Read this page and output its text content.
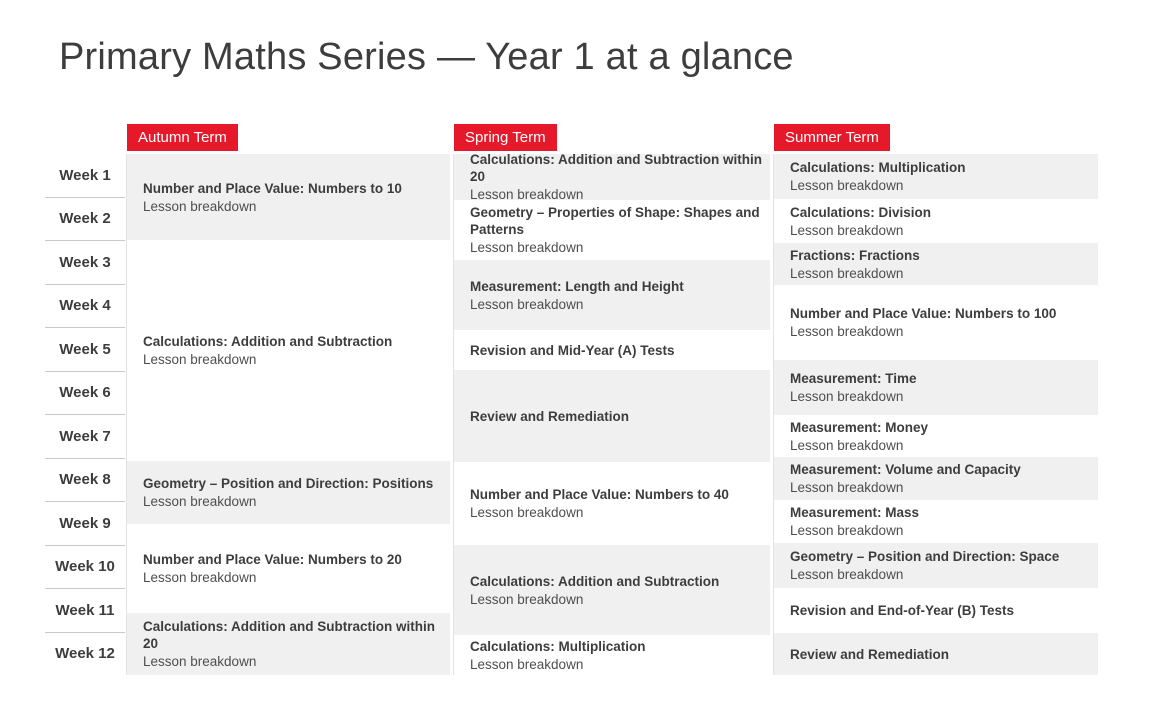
Primary Maths Series — Year 1 at a glance
Week 1
Week 2
Week 3
Week 4
Week 5
Week 6
Week 7
Week 8
Week 9
Week 10
Week 11
Week 12
Autumn Term
Number and Place Value: Numbers to 10
Lesson breakdown
Calculations: Addition and Subtraction
Lesson breakdown
Geometry – Position and Direction: Positions
Lesson breakdown
Number and Place Value: Numbers to 20
Lesson breakdown
Calculations: Addition and Subtraction within 20
Lesson breakdown
Spring Term
Calculations: Addition and Subtraction within 20
Lesson breakdown
Geometry – Properties of Shape: Shapes and Patterns
Lesson breakdown
Measurement: Length and Height
Lesson breakdown
Revision and Mid-Year (A) Tests
Review and Remediation
Number and Place Value: Numbers to 40
Lesson breakdown
Calculations: Addition and Subtraction
Lesson breakdown
Calculations: Multiplication
Lesson breakdown
Summer Term
Calculations: Multiplication
Lesson breakdown
Calculations: Division
Lesson breakdown
Fractions: Fractions
Lesson breakdown
Number and Place Value: Numbers to 100
Lesson breakdown
Measurement: Time
Lesson breakdown
Measurement: Money
Lesson breakdown
Measurement: Volume and Capacity
Lesson breakdown
Measurement: Mass
Lesson breakdown
Geometry – Position and Direction: Space
Lesson breakdown
Revision and End-of-Year (B) Tests
Review and Remediation
